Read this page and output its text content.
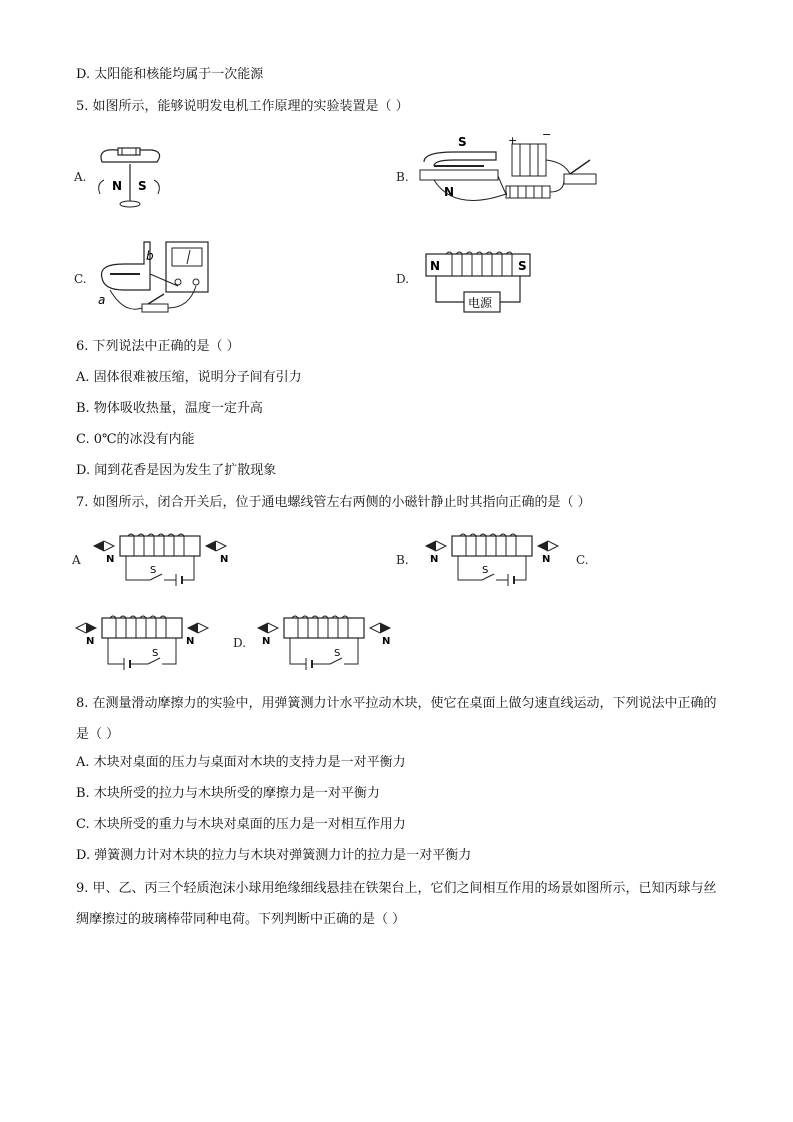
D. 太阳能和核能均属于一次能源
5. 如图所示，能够说明发电机工作原理的实验装置是（ ）
A.
N S
B.
S
N
+ −
C.
b
a
D.
N	S
电源
6. 下列说法中正确的是（ ）
A. 固体很难被压缩，说明分子间有引力
B. 物体吸收热量，温度一定升高
C. 0℃的冰没有内能
D. 闻到花香是因为发生了扩散现象
7. 如图所示，闭合开关后，位于通电螺线管左右两侧的小磁针静止时其指向正确的是（ ）
A	N	N
S
B. N	N
S
C.
N	N
S
D. N	N
S
8. 在测量滑动摩擦力的实验中，用弹簧测力计水平拉动木块，使它在桌面上做匀速直线运动，下列说法中正确的是（ ）
A. 木块对桌面的压力与桌面对木块的支持力是一对平衡力
B. 木块所受的拉力与木块所受的摩擦力是一对平衡力
C. 木块所受的重力与木块对桌面的压力是一对相互作用力
D. 弹簧测力计对木块的拉力与木块对弹簧测力计的拉力是一对平衡力
9. 甲、乙、丙三个轻质泡沫小球用绝缘细线悬挂在铁架台上，它们之间相互作用的场景如图所示，已知丙球与丝绸摩擦过的玻璃棒带同种电荷。下列判断中正确的是（ ）
